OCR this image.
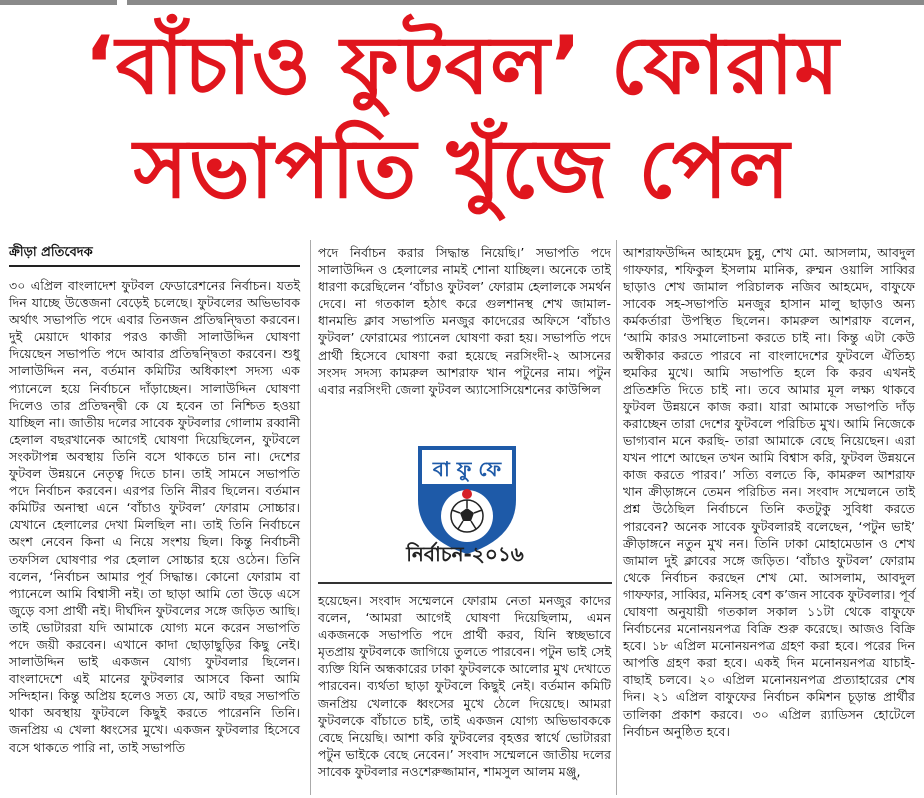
‘বাঁচাও ফুটবল’ ফোরাম
সভাপতি খুঁজে পেল
ক্রীড়া প্রতিবেদক
৩০ এপ্রিল বাংলাদেশ ফুটবল ফেডারেশনের নির্বাচন। যতই দিন যাচ্ছে উত্তেজনা বেড়েই চলেছে। ফুটবলের অভিভাবক অর্থাৎ সভাপতি পদে এবার তিনজন প্রতিদ্বন্দ্বিতা করবেন। দুই মেয়াদে থাকার পরও কাজী সালাউদ্দিন ঘোষণা দিয়েছেন সভাপতি পদে আবার প্রতিদ্বন্দ্বিতা করবেন। শুধু সালাউদ্দিন নন, বর্তমান কমিটির অধিকাংশ সদস্য এক প্যানেলে হয়ে নির্বাচনে দাঁড়াচ্ছেন। সালাউদ্দিন ঘোষণা দিলেও তার প্রতিদ্বন্দ্বী কে যে হবেন তা নিশ্চিত হওয়া যাচ্ছিল না। জাতীয় দলের সাবেক ফুটবলার গোলাম রব্বানী হেলাল বছরখানেক আগেই ঘোষণা দিয়েছিলেন, ফুটবলে সংকটাপন্ন অবস্থায় তিনি বসে থাকতে চান না। দেশের ফুটবল উন্নয়নে নেতৃত্ব দিতে চান। তাই সামনে সভাপতি পদে নির্বাচন করবেন। এরপর তিনি নীরব ছিলেন। বর্তমান কমিটির অনাস্থা এনে ‘বাঁচাও ফুটবল’ ফোরাম সোচ্চার। যেখানে হেলালের দেখা মিলছিল না। তাই তিনি নির্বাচনে অংশ নেবেন কিনা এ নিয়ে সংশয় ছিল। কিন্তু নির্বাচনী তফসিল ঘোষণার পর হেলাল সোচ্চার হয়ে ওঠেন। তিনি বলেন, ‘নির্বাচন আমার পূর্ব সিদ্ধান্ত। কোনো ফোরাম বা প্যানেলে আমি বিশ্বাসী নই। তা ছাড়া আমি তো উড়ে এসে জুড়ে বসা প্রার্থী নই। দীর্ঘদিন ফুটবলের সঙ্গে জড়িত আছি। তাই ভোটাররা যদি আমাকে যোগ্য মনে করেন সভাপতি পদে জয়ী করবেন। এখানে কাদা ছোড়াছুড়ির কিছু নেই। সালাউদ্দিন ভাই একজন যোগ্য ফুটবলার ছিলেন। বাংলাদেশে এই মানের ফুটবলার আসবে কিনা আমি সন্দিহান। কিন্তু অপ্রিয় হলেও সত্য যে, আট বছর সভাপতি থাকা অবস্থায় ফুটবলে কিছুই করতে পারেননি তিনি। জনপ্রিয় এ খেলা ধ্বংসের মুখে। একজন ফুটবলার হিসেবে বসে থাকতে পারি না, তাই সভাপতি
পদে নির্বাচন করার সিদ্ধান্ত নিয়েছি।’ সভাপতি পদে সালাউদ্দিন ও হেলালের নামই শোনা যাচ্ছিল। অনেকে তাই ধারণা করেছিলেন ‘বাঁচাও ফুটবল’ ফোরাম হেলালকে সমর্থন দেবে। না গতকাল হঠাৎ করে গুলশানস্থ শেখ জামাল-ধানমন্ডি ক্লাব সভাপতি মনজুর কাদেরের অফিসে ‘বাঁচাও ফুটবল’ ফোরামের প্যানেল ঘোষণা করা হয়। সভাপতি পদে প্রার্থী হিসেবে ঘোষণা করা হয়েছে নরসিংদী-২ আসনের সংসদ সদস্য কামরুল আশরাফ খান পটুনের নাম। পটুন এবার নরসিংদী জেলা ফুটবল অ্যাসোসিয়েশনের কাউন্সিল
বা ফু ফে
নির্বাচন-২০১৬
হয়েছেন। সংবাদ সম্মেলনে ফোরাম নেতা মনজুর কাদের বলেন, ‘আমরা আগেই ঘোষণা দিয়েছিলাম, এমন একজনকে সভাপতি পদে প্রার্থী করব, যিনি স্বচ্ছভাবে মৃতপ্রায় ফুটবলকে জাগিয়ে তুলতে পারবেন। পটুন ভাই সেই ব্যক্তি যিনি অন্ধকারের ঢাকা ফুটবলকে আলোর মুখ দেখাতে পারবেন। ব্যর্থতা ছাড়া ফুটবলে কিছুই নেই। বর্তমান কমিটি জনপ্রিয় খেলাকে ধ্বংসের মুখে ঠেলে দিয়েছে। আমরা ফুটবলকে বাঁচাতে চাই, তাই একজন যোগ্য অভিভাবককে বেছে নিয়েছি। আশা করি ফুটবলের বৃহত্তর স্বার্থে ভোটাররা পটুন ভাইকে বেছে নেবেন।’ সংবাদ সম্মেলনে জাতীয় দলের সাবেক ফুটবলার নওশেরুজ্জামান, শামসুল আলম মঞ্জু,
আশরাফউদ্দিন আহমেদ চুন্নু, শেখ মো. আসলাম, আবদুল গাফফার, শফিকুল ইসলাম মানিক, রুম্মন ওয়ালি সাব্বির ছাড়াও শেখ জামাল পরিচালক নজিব আহমেদ, বাফুফে সাবেক সহ-সভাপতি মনজুর হাসান মালু ছাড়াও অন্য কর্মকর্তারা উপস্থিত ছিলেন। কামরুল আশরাফ বলেন, ‘আমি কারও সমালোচনা করতে চাই না। কিন্তু এটা কেউ অস্বীকার করতে পারবে না বাংলাদেশের ফুটবলে ঐতিহ্য হুমকির মুখে। আমি সভাপতি হলে কি করব এখনই প্রতিশ্রুতি দিতে চাই না। তবে আমার মূল লক্ষ্য থাকবে ফুটবল উন্নয়নে কাজ করা। যারা আমাকে সভাপতি দাঁড় করাচ্ছেন তারা দেশের ফুটবলে পরিচিত মুখ। আমি নিজেকে ভাগ্যবান মনে করছি- তারা আমাকে বেছে নিয়েছেন। এরা যখন পাশে আছেন তখন আমি বিশ্বাস করি, ফুটবল উন্নয়নে কাজ করতে পারব।’ সত্যি বলতে কি, কামরুল আশরাফ খান ক্রীড়াঙ্গনে তেমন পরিচিত নন। সংবাদ সম্মেলনে তাই প্রশ্ন উঠেছিল নির্বাচনে তিনি কতটুকু সুবিধা করতে পারবেন? অনেক সাবেক ফুটবলারই বলেছেন, ‘পটুন ভাই’ ক্রীড়াঙ্গনে নতুন মুখ নন। তিনি ঢাকা মোহামেডান ও শেখ জামাল দুই ক্লাবের সঙ্গে জড়িত। ‘বাঁচাও ফুটবল’ ফোরাম থেকে নির্বাচন করছেন শেখ মো. আসলাম, আবদুল গাফফার, সাব্বির, মনিসহ বেশ ক’জন সাবেক ফুটবলার। পূর্ব ঘোষণা অনুযায়ী গতকাল সকাল ১১টা থেকে বাফুফে নির্বাচনের মনোনয়নপত্র বিক্রি শুরু করেছে। আজও বিক্রি হবে। ১৮ এপ্রিল মনোনয়নপত্র গ্রহণ করা হবে। পরের দিন আপত্তি গ্রহণ করা হবে। একই দিন মনোনয়নপত্র যাচাই-বাছাই চলবে। ২০ এপ্রিল মনোনয়নপত্র প্রত্যাহারের শেষ দিন। ২১ এপ্রিল বাফুফের নির্বাচন কমিশন চূড়ান্ত প্রার্থীর তালিকা প্রকাশ করবে। ৩০ এপ্রিল র‌্যাডিসন হোটেলে নির্বাচন অনুষ্ঠিত হবে।
